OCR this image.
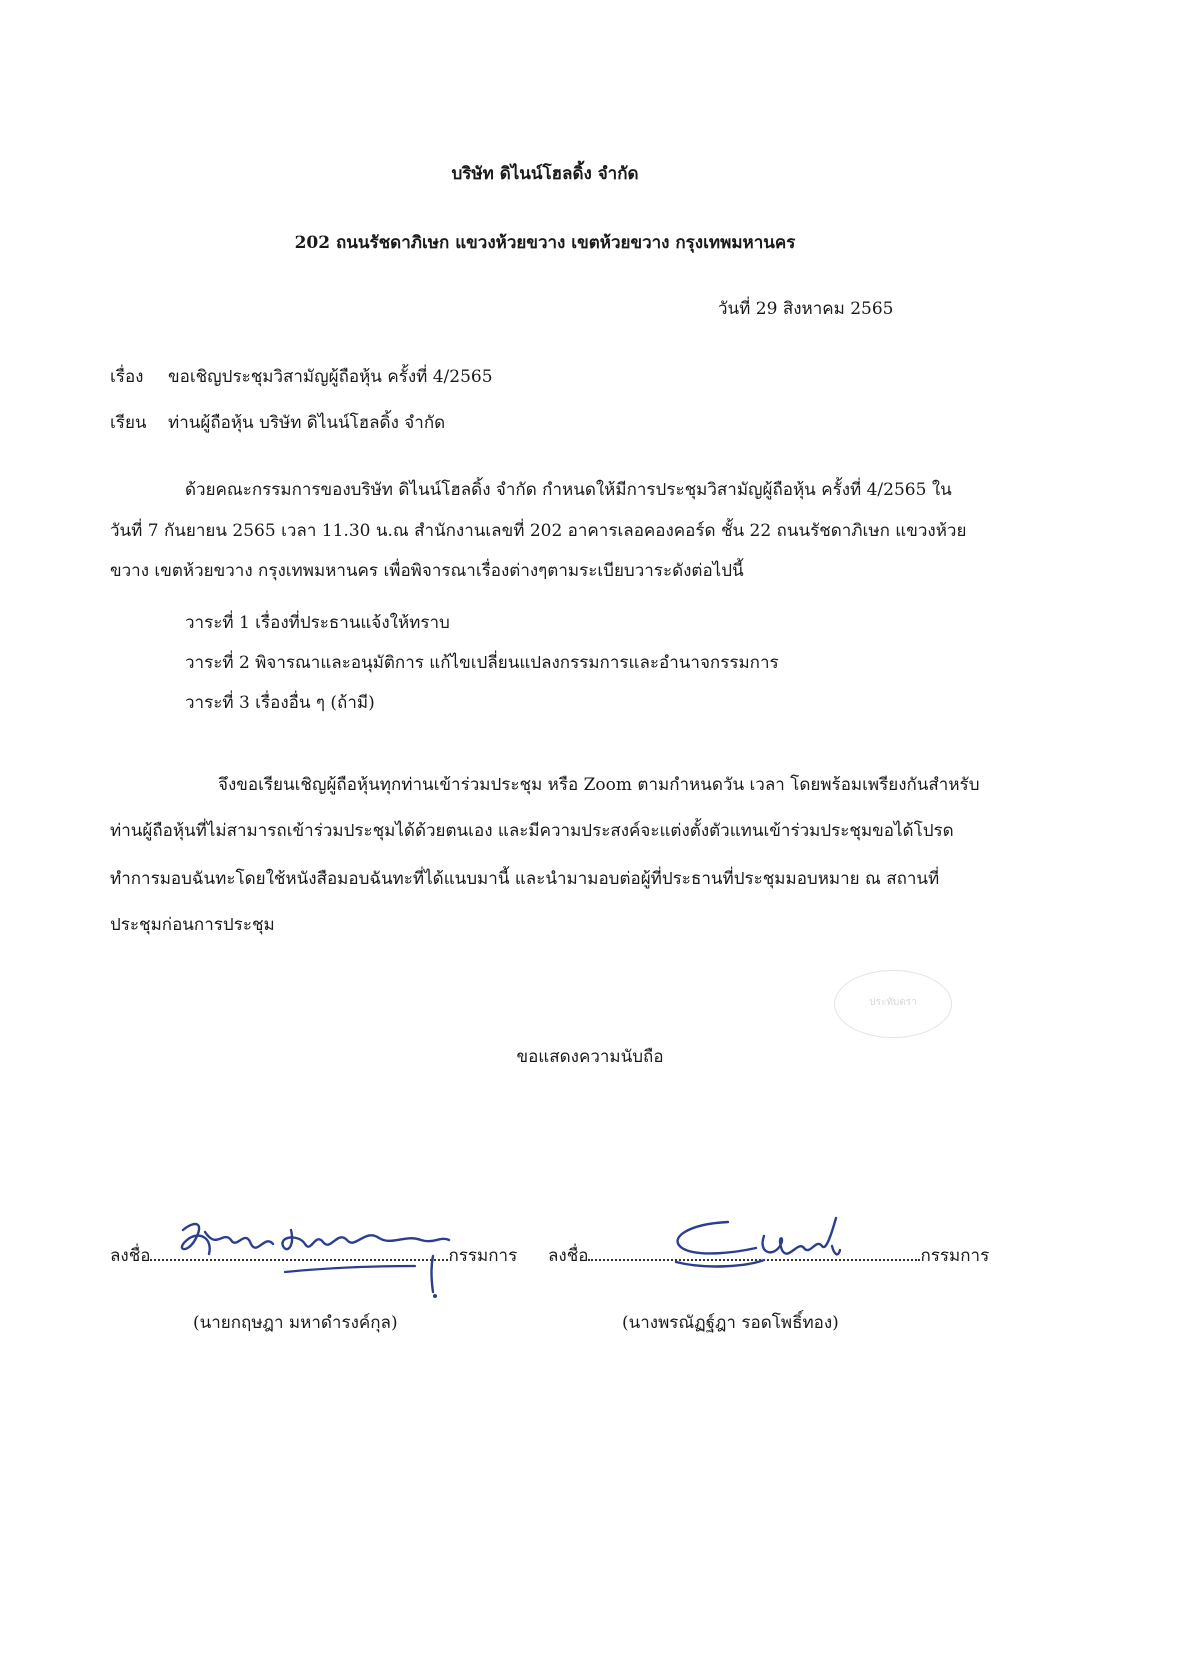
บริษัท ดิไนน์โฮลดิ้ง จำกัด
202 ถนนรัชดาภิเษก แขวงห้วยขวาง เขตห้วยขวาง กรุงเทพมหานคร
วันที่ 29 สิงหาคม 2565
เรื่อง ขอเชิญประชุมวิสามัญผู้ถือหุ้น ครั้งที่ 4/2565
เรียน ท่านผู้ถือหุ้น บริษัท ดิไนน์โฮลดิ้ง จำกัด
ด้วยคณะกรรมการของบริษัท ดิไนน์โฮลดิ้ง จำกัด กำหนดให้มีการประชุมวิสามัญผู้ถือหุ้น ครั้งที่ 4/2565 ใน
วันที่ 7 กันยายน 2565 เวลา 11.30 น.ณ สำนักงานเลขที่ 202 อาคารเลอคองคอร์ด ชั้น 22 ถนนรัชดาภิเษก แขวงห้วย
ขวาง เขตห้วยขวาง กรุงเทพมหานคร เพื่อพิจารณาเรื่องต่างๆตามระเบียบวาระดังต่อไปนี้
วาระที่ 1 เรื่องที่ประธานแจ้งให้ทราบ
วาระที่ 2 พิจารณาและอนุมัติการ แก้ไขเปลี่ยนแปลงกรรมการและอำนาจกรรมการ
วาระที่ 3 เรื่องอื่น ๆ (ถ้ามี)
จึงขอเรียนเชิญผู้ถือหุ้นทุกท่านเข้าร่วมประชุม หรือ Zoom ตามกำหนดวัน เวลา โดยพร้อมเพรียงกันสำหรับ
ท่านผู้ถือหุ้นที่ไม่สามารถเข้าร่วมประชุมได้ด้วยตนเอง และมีความประสงค์จะแต่งตั้งตัวแทนเข้าร่วมประชุมขอได้โปรด
ทำการมอบฉันทะโดยใช้หนังสือมอบฉันทะที่ได้แนบมานี้ และนำมามอบต่อผู้ที่ประธานที่ประชุมมอบหมาย ณ สถานที่
ประชุมก่อนการประชุม
ประทับตรา
ขอแสดงความนับถือ
ลงชื่อ	กรรมการ ลงชื่อ	กรรมการ
(นายกฤษฎา มหาดำรงค์กุล)	(นางพรณัฏฐ์ฎา รอดโพธิ์ทอง)
